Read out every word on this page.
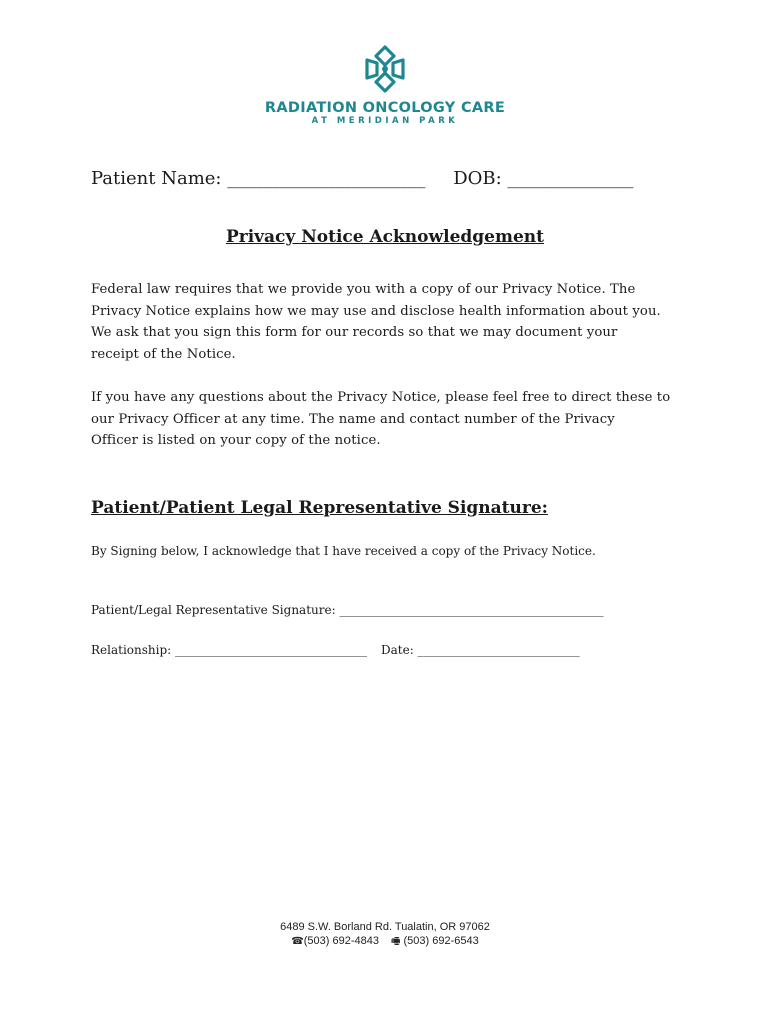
RADIATION ONCOLOGY CARE
AT MERIDIAN PARK
Patient Name: ______________________ DOB: ______________
Privacy Notice Acknowledgement
Federal law requires that we provide you with a copy of our Privacy Notice. The
Privacy Notice explains how we may use and disclose health information about you.
We ask that you sign this form for our records so that we may document your
receipt of the Notice.
If you have any questions about the Privacy Notice, please feel free to direct these to
our Privacy Officer at any time. The name and contact number of the Privacy
Officer is listed on your copy of the notice.
Patient/Patient Legal Representative Signature:
By Signing below, I acknowledge that I have received a copy of the Privacy Notice.
Patient/Legal Representative Signature: ____________________________________________
Relationship: ________________________________ Date: ___________________________
6489 S.W. Borland Rd. Tualatin, OR 97062
☎(503) 692-4843 🖷 (503) 692-6543
